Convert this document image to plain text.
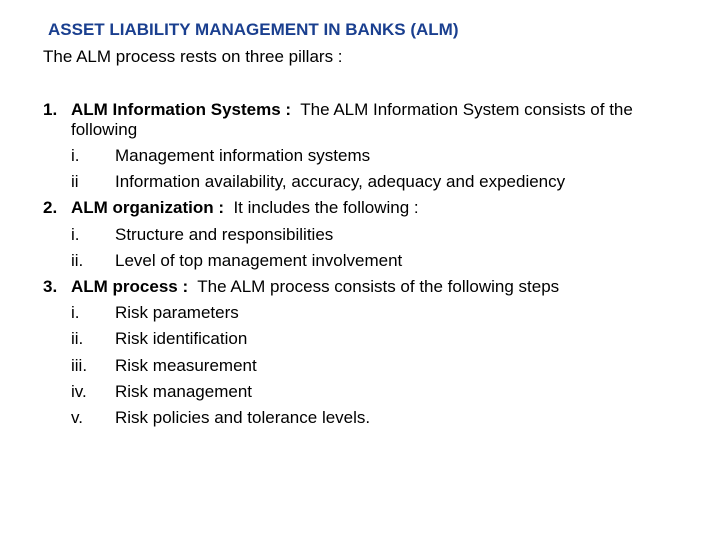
ASSET LIABILITY MANAGEMENT IN BANKS (ALM)
The ALM process rests on three pillars :
1. ALM Information Systems : The ALM Information System consists of the following
i. Management information systems
ii Information availability, accuracy, adequacy and expediency
2. ALM organization : It includes the following :
i. Structure and responsibilities
ii. Level of top management involvement
3. ALM process : The ALM process consists of the following steps
i. Risk parameters
ii. Risk identification
iii. Risk measurement
iv. Risk management
v. Risk policies and tolerance levels.
